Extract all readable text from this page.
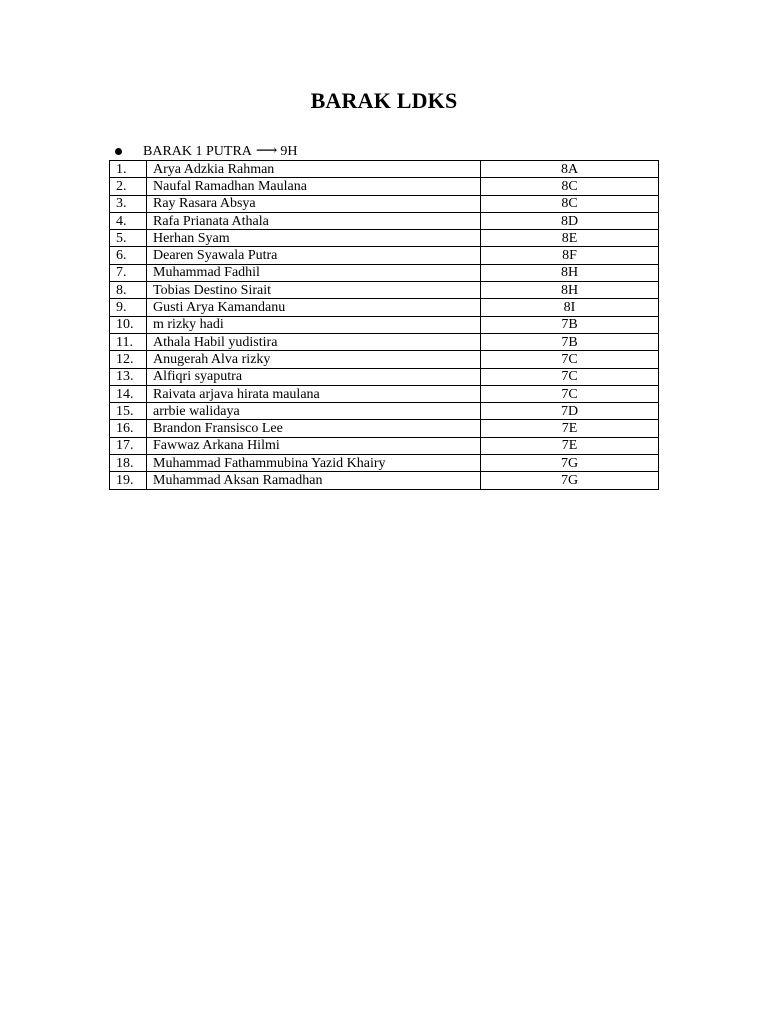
BARAK LDKS
BARAK 1 PUTRA ⟶ 9H
1.	Arya Adzkia Rahman	8A
2.	Naufal Ramadhan Maulana	8C
3.	Ray Rasara Absya	8C
4.	Rafa Prianata Athala	8D
5.	Herhan Syam	8E
6.	Dearen Syawala Putra	8F
7.	Muhammad Fadhil	8H
8.	Tobias Destino Sirait	8H
9.	Gusti Arya Kamandanu	8I
10.	m rizky hadi	7B
11.	Athala Habil yudistira	7B
12.	Anugerah Alva rizky	7C
13.	Alfiqri syaputra	7C
14.	Raivata arjava hirata maulana	7C
15.	arrbie walidaya	7D
16.	Brandon Fransisco Lee	7E
17.	Fawwaz Arkana Hilmi	7E
18.	Muhammad Fathammubina Yazid Khairy	7G
19.	Muhammad Aksan Ramadhan	7G
